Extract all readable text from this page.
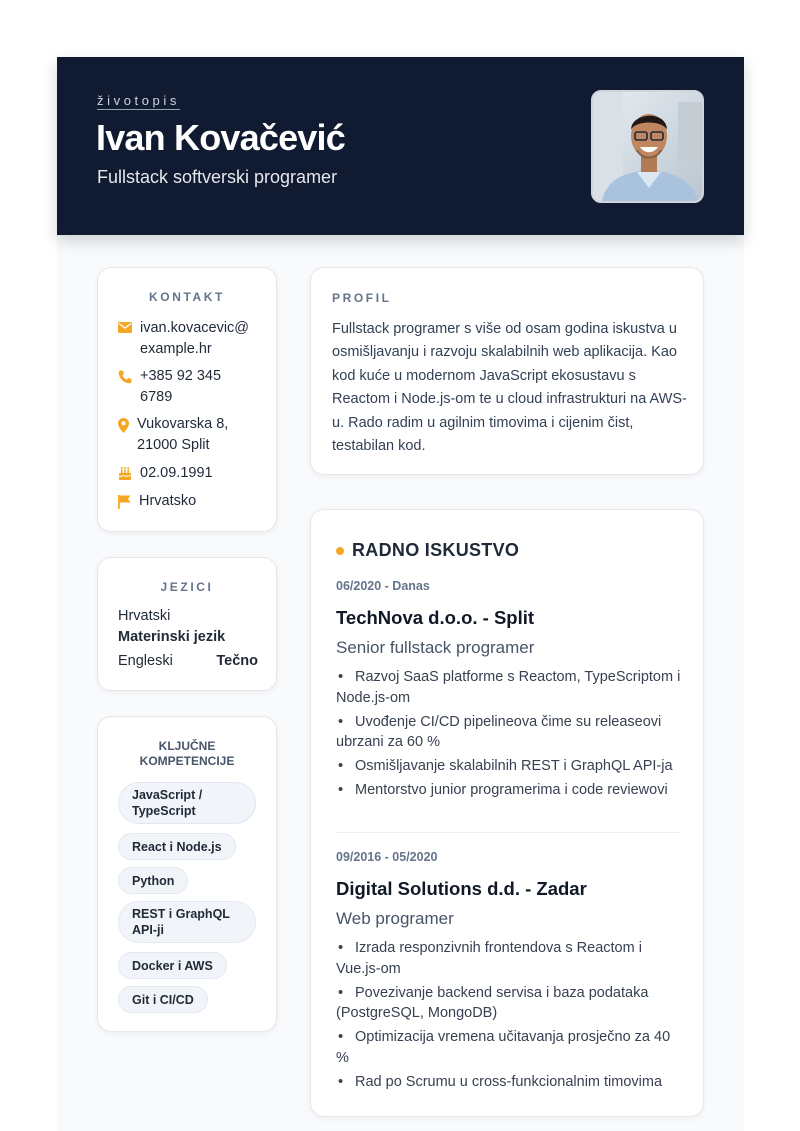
životopis
Ivan Kovačević
Fullstack softverski programer
KONTAKT
ivan.kovacevic@
example.hr
+385 92 345
6789
Vukovarska 8,
21000 Split
02.09.1991
Hrvatsko
JEZICI
Hrvatski
Materinski jezik
Engleski	Tečno
KLJUČNE KOMPETENCIJE
JavaScript / TypeScript
React i Node.js
Python
REST i GraphQL API-ji
Docker i AWS
Git i CI/CD
PROFIL

Fullstack programer s više od osam godina iskustva u osmišljavanju i razvoju skalabilnih web aplikacija. Kao kod kuće u modernom JavaScript ekosustavu s Reactom i Node.js-om te u cloud infrastrukturi na AWS-u. Rado radim u agilnim timovima i cijenim čist, testabilan kod.

RADNO ISKUSTVO
06/2020 - Danas
TechNova d.o.o. - Split
Senior fullstack programer
• Razvoj SaaS platforme s Reactom, TypeScriptom i Node.js-om
• Uvođenje CI/CD pipelineova čime su releaseovi ubrzani za 60 %
• Osmišljavanje skalabilnih REST i GraphQL API-ja
• Mentorstvo junior programerima i code reviewovi
09/2016 - 05/2020
Digital Solutions d.d. - Zadar
Web programer
• Izrada responzivnih frontendova s Reactom i Vue.js-om
• Povezivanje backend servisa i baza podataka (PostgreSQL, MongoDB)
• Optimizacija vremena učitavanja prosječno za 40 %
• Rad po Scrumu u cross-funkcionalnim timovima
